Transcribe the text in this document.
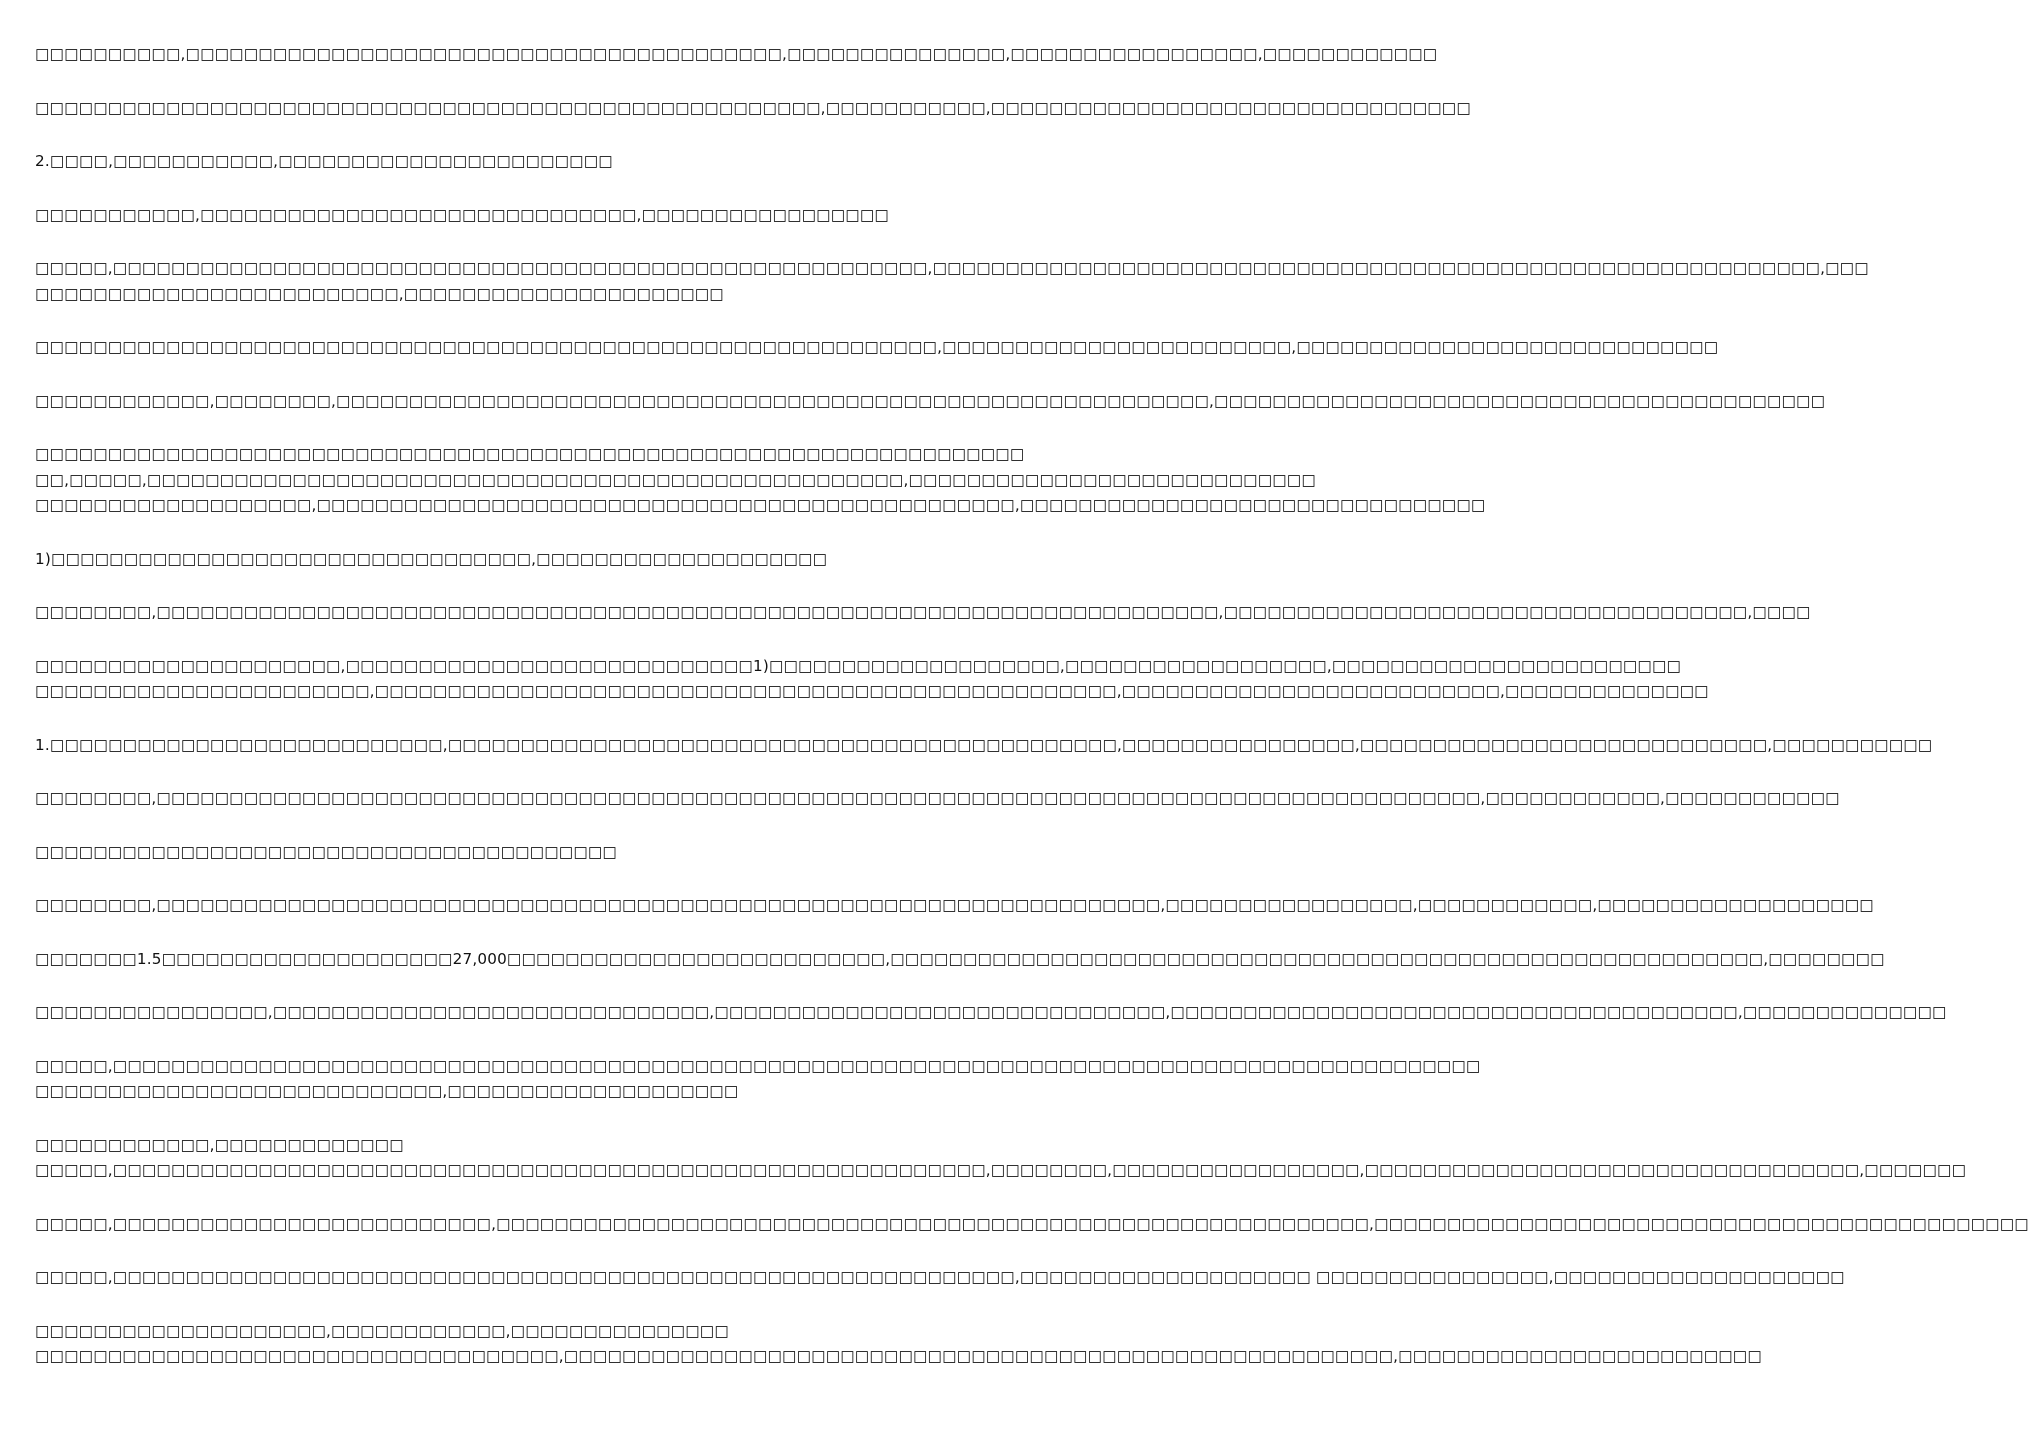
□□□□□□□□□□,□□□□□□□□□□□□□□□□□□□□□□□□□□□□□□□□□□□□□□□□□,□□□□□□□□□□□□□□□,□□□□□□□□□□□□□□□□□,□□□□□□□□□□□□
□□□□□□□□□□□□□□□□□□□□□□□□□□□□□□□□□□□□□□□□□□□□□□□□□□□□□□,□□□□□□□□□□□,□□□□□□□□□□□□□□□□□□□□□□□□□□□□□□□□□
2.□□□□,□□□□□□□□□□□,□□□□□□□□□□□□□□□□□□□□□□□
□□□□□□□□□□□,□□□□□□□□□□□□□□□□□□□□□□□□□□□□□□,□□□□□□□□□□□□□□□□□
□□□□□,□□□□□□□□□□□□□□□□□□□□□□□□□□□□□□□□□□□□□□□□□□□□□□□□□□□□□□□□,□□□□□□□□□□□□□□□□□□□□□□□□□□□□□□□□□□□□□□□□□□□□□□□□□□□□□□□□□□□□□,□□□
□□□□□□□□□□□□□□□□□□□□□□□□□,□□□□□□□□□□□□□□□□□□□□□□
□□□□□□□□□□□□□□□□□□□□□□□□□□□□□□□□□□□□□□□□□□□□□□□□□□□□□□□□□□□□□□,□□□□□□□□□□□□□□□□□□□□□□□□,□□□□□□□□□□□□□□□□□□□□□□□□□□□□□
□□□□□□□□□□□□,□□□□□□□□,□□□□□□□□□□□□□□□□□□□□□□□□□□□□□□□□□□□□□□□□□□□□□□□□□□□□□□□□□□□□,□□□□□□□□□□□□□□□□□□□□□□□□□□□□□□□□□□□□□□□□□□
□□□□□□□□□□□□□□□□□□□□□□□□□□□□□□□□□□□□□□□□□□□□□□□□□□□□□□□□□□□□□□□□□□□□
□□,□□□□□,□□□□□□□□□□□□□□□□□□□□□□□□□□□□□□□□□□□□□□□□□□□□□□□□□□□□,□□□□□□□□□□□□□□□□□□□□□□□□□□□□
□□□□□□□□□□□□□□□□□□□,□□□□□□□□□□□□□□□□□□□□□□□□□□□□□□□□□□□□□□□□□□□□□□□□,□□□□□□□□□□□□□□□□□□□□□□□□□□□□□□□□
1)□□□□□□□□□□□□□□□□□□□□□□□□□□□□□□□□□,□□□□□□□□□□□□□□□□□□□□
□□□□□□□□,□□□□□□□□□□□□□□□□□□□□□□□□□□□□□□□□□□□□□□□□□□□□□□□□□□□□□□□□□□□□□□□□□□□□□□□□□,□□□□□□□□□□□□□□□□□□□□□□□□□□□□□□□□□□□□,□□□□
□□□□□□□□□□□□□□□□□□□□□,□□□□□□□□□□□□□□□□□□□□□□□□□□□□1)□□□□□□□□□□□□□□□□□□□□,□□□□□□□□□□□□□□□□□□,□□□□□□□□□□□□□□□□□□□□□□□□
□□□□□□□□□□□□□□□□□□□□□□□,□□□□□□□□□□□□□□□□□□□□□□□□□□□□□□□□□□□□□□□□□□□□□□□□□□□,□□□□□□□□□□□□□□□□□□□□□□□□□□,□□□□□□□□□□□□□□
1.□□□□□□□□□□□□□□□□□□□□□□□□□□□,□□□□□□□□□□□□□□□□□□□□□□□□□□□□□□□□□□□□□□□□□□□□□□,□□□□□□□□□□□□□□□□,□□□□□□□□□□□□□□□□□□□□□□□□□□□□,□□□□□□□□□□□
□□□□□□□□,□□□□□□□□□□□□□□□□□□□□□□□□□□□□□□□□□□□□□□□□□□□□□□□□□□□□□□□□□□□□□□□□□□□□□□□□□□□□□□□□□□□□□□□□□□□,□□□□□□□□□□□□,□□□□□□□□□□□□
□□□□□□□□□□□□□□□□□□□□□□□□□□□□□□□□□□□□□□□□
□□□□□□□□,□□□□□□□□□□□□□□□□□□□□□□□□□□□□□□□□□□□□□□□□□□□□□□□□□□□□□□□□□□□□□□□□□□□□□,□□□□□□□□□□□□□□□□□,□□□□□□□□□□□□,□□□□□□□□□□□□□□□□□□□
□□□□□□□1.5□□□□□□□□□□□□□□□□□□□□27,000□□□□□□□□□□□□□□□□□□□□□□□□□□,□□□□□□□□□□□□□□□□□□□□□□□□□□□□□□□□□□□□□□□□□□□□□□□□□□□□□□□□□□□□,□□□□□□□□
□□□□□□□□□□□□□□□□,□□□□□□□□□□□□□□□□□□□□□□□□□□□□□□,□□□□□□□□□□□□□□□□□□□□□□□□□□□□□□□,□□□□□□□□□□□□□□□□□□□□□□□□□□□□□□□□□□□□□□□,□□□□□□□□□□□□□□
□□□□□,□□□□□□□□□□□□□□□□□□□□□□□□□□□□□□□□□□□□□□□□□□□□□□□□□□□□□□□□□□□□□□□□□□□□□□□□□□□□□□□□□□□□□□□□□□□□□□
□□□□□□□□□□□□□□□□□□□□□□□□□□□□,□□□□□□□□□□□□□□□□□□□□
□□□□□□□□□□□□,□□□□□□□□□□□□□
□□□□□,□□□□□□□□□□□□□□□□□□□□□□□□□□□□□□□□□□□□□□□□□□□□□□□□□□□□□□□□□□□□,□□□□□□□□,□□□□□□□□□□□□□□□□□,□□□□□□□□□□□□□□□□□□□□□□□□□□□□□□□□□□,□□□□□□□
□□□□□,□□□□□□□□□□□□□□□□□□□□□□□□□□,□□□□□□□□□□□□□□□□□□□□□□□□□□□□□□□□□□□□□□□□□□□□□□□□□□□□□□□□□□□□,□□□□□□□□□□□□□□□□□□□□□□□□□□□□□□□□□□□□□□□□□□□□□
□□□□□,□□□□□□□□□□□□□□□□□□□□□□□□□□□□□□□□□□□□□□□□□□□□□□□□□□□□□□□□□□□□□□,□□□□□□□□□□□□□□□□□□□□ □□□□□□□□□□□□□□□□,□□□□□□□□□□□□□□□□□□□□
□□□□□□□□□□□□□□□□□□□□,□□□□□□□□□□□□,□□□□□□□□□□□□□□□
□□□□□□□□□□□□□□□□□□□□□□□□□□□□□□□□□□□□,□□□□□□□□□□□□□□□□□□□□□□□□□□□□□□□□□□□□□□□□□□□□□□□□□□□□□□□□□,□□□□□□□□□□□□□□□□□□□□□□□□□
